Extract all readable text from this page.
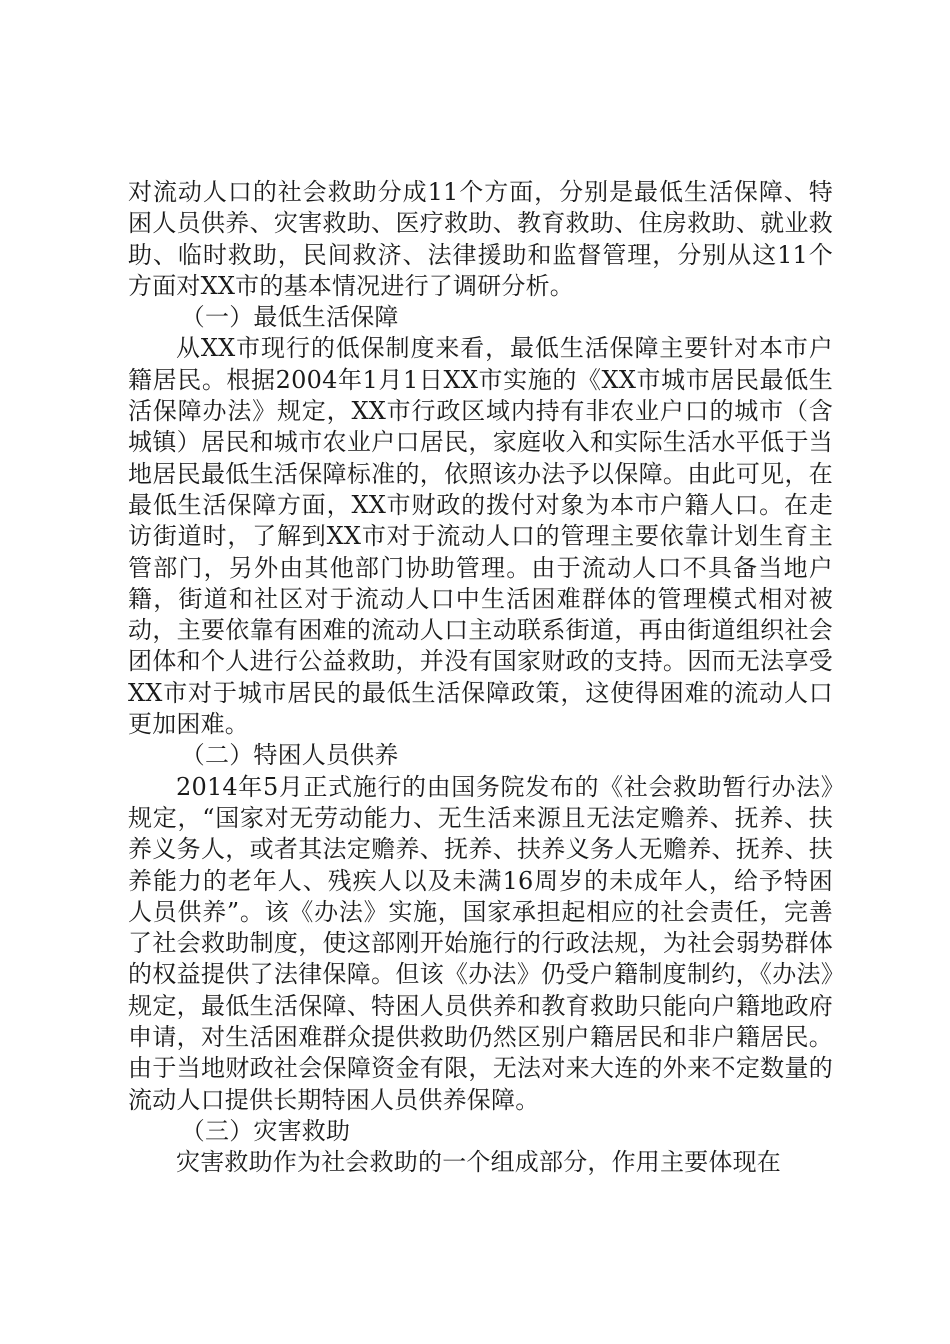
对流动人口的社会救助分成11个方面，分别是最低生活保障、特困人员供养、灾害救助、医疗救助、教育救助、住房救助、就业救助、临时救助，民间救济、法律援助和监督管理，分别从这11个方面对XX市的基本情况进行了调研分析。

（一）最低生活保障

从XX市现行的低保制度来看，最低生活保障主要针对本市户籍居民。根据2004年1月1日XX市实施的《XX市城市居民最低生活保障办法》规定，XX市行政区域内持有非农业户口的城市（含城镇）居民和城市农业户口居民，家庭收入和实际生活水平低于当地居民最低生活保障标准的，依照该办法予以保障。由此可见，在最低生活保障方面，XX市财政的拨付对象为本市户籍人口。在走访街道时，了解到XX市对于流动人口的管理主要依靠计划生育主管部门，另外由其他部门协助管理。由于流动人口不具备当地户籍，街道和社区对于流动人口中生活困难群体的管理模式相对被动，主要依靠有困难的流动人口主动联系街道，再由街道组织社会团体和个人进行公益救助，并没有国家财政的支持。因而无法享受XX市对于城市居民的最低生活保障政策，这使得困难的流动人口更加困难。

（二）特困人员供养

2014年5月正式施行的由国务院发布的《社会救助暂行办法》规定，“国家对无劳动能力、无生活来源且无法定赡养、抚养、扶养义务人，或者其法定赡养、抚养、扶养义务人无赡养、抚养、扶养能力的老年人、残疾人以及未满16周岁的未成年人，给予特困人员供养”。该《办法》实施，国家承担起相应的社会责任，完善了社会救助制度，使这部刚开始施行的行政法规，为社会弱势群体的权益提供了法律保障。但该《办法》仍受户籍制度制约，《办法》规定，最低生活保障、特困人员供养和教育救助只能向户籍地政府申请，对生活困难群众提供救助仍然区别户籍居民和非户籍居民。由于当地财政社会保障资金有限，无法对来大连的外来不定数量的流动人口提供长期特困人员供养保障。

（三）灾害救助

灾害救助作为社会救助的一个组成部分，作用主要体现在
